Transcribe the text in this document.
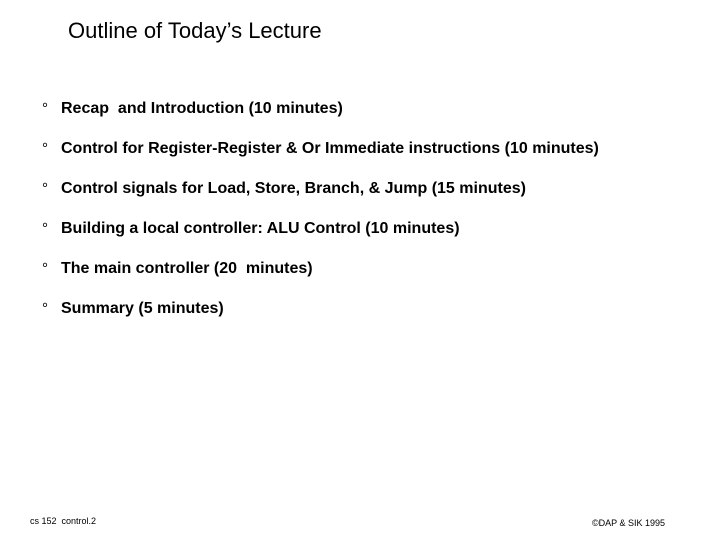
Outline of Today’s Lecture
° Recap  and Introduction (10 minutes)
° Control for Register-Register & Or Immediate instructions (10 minutes)
° Control signals for Load, Store, Branch, & Jump (15 minutes)
° Building a local controller: ALU Control (10 minutes)
° The main controller (20  minutes)
° Summary (5 minutes)
cs 152  control.2	©DAP & SIK 1995
